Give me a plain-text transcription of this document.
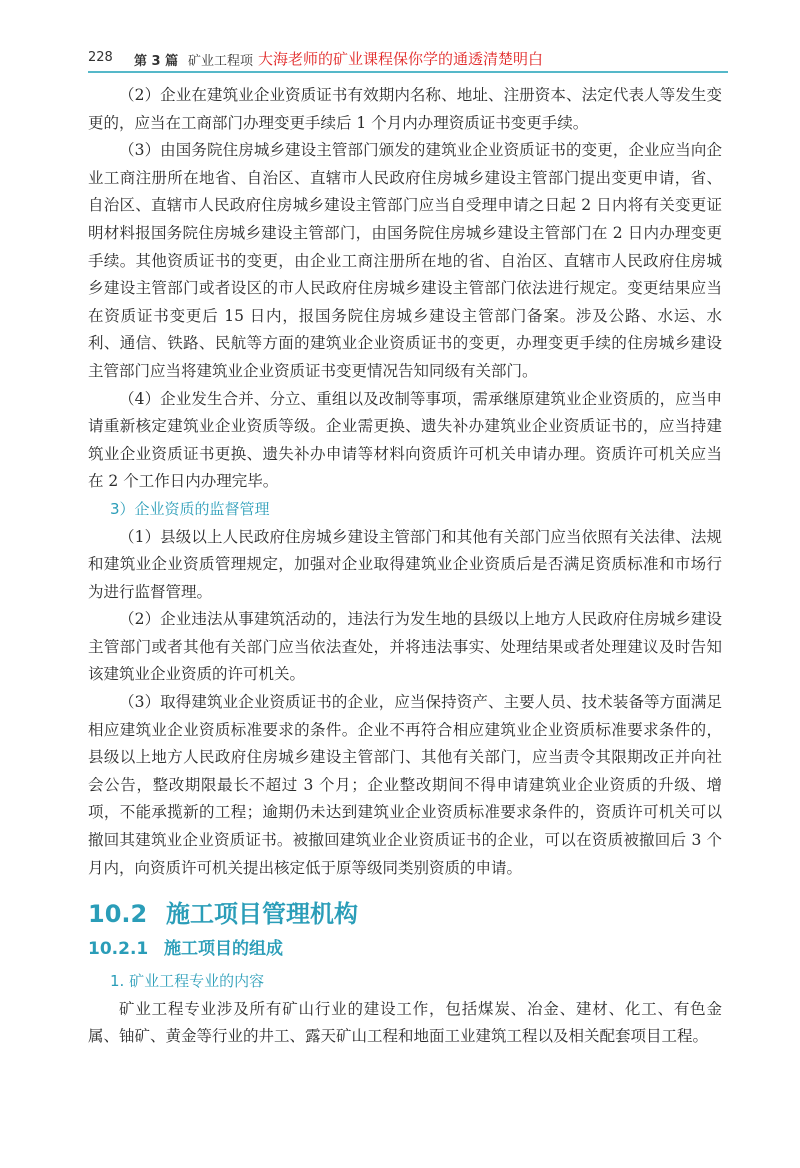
228 第 3 篇 矿业工程项 大海老师的矿业课程保你学的通透清楚明白

（2）企业在建筑业企业资质证书有效期内名称、地址、注册资本、法定代表人等发生变更的，应当在工商部门办理变更手续后 1 个月内办理资质证书变更手续。

（3）由国务院住房城乡建设主管部门颁发的建筑业企业资质证书的变更，企业应当向企业工商注册所在地省、自治区、直辖市人民政府住房城乡建设主管部门提出变更申请，省、自治区、直辖市人民政府住房城乡建设主管部门应当自受理申请之日起 2 日内将有关变更证明材料报国务院住房城乡建设主管部门，由国务院住房城乡建设主管部门在 2 日内办理变更手续。其他资质证书的变更，由企业工商注册所在地的省、自治区、直辖市人民政府住房城乡建设主管部门或者设区的市人民政府住房城乡建设主管部门依法进行规定。变更结果应当在资质证书变更后 15 日内，报国务院住房城乡建设主管部门备案。涉及公路、水运、水利、通信、铁路、民航等方面的建筑业企业资质证书的变更，办理变更手续的住房城乡建设主管部门应当将建筑业企业资质证书变更情况告知同级有关部门。

（4）企业发生合并、分立、重组以及改制等事项，需承继原建筑业企业资质的，应当申请重新核定建筑业企业资质等级。企业需更换、遗失补办建筑业企业资质证书的，应当持建筑业企业资质证书更换、遗失补办申请等材料向资质许可机关申请办理。资质许可机关应当在 2 个工作日内办理完毕。

3）企业资质的监督管理

（1）县级以上人民政府住房城乡建设主管部门和其他有关部门应当依照有关法律、法规和建筑业企业资质管理规定，加强对企业取得建筑业企业资质后是否满足资质标准和市场行为进行监督管理。

（2）企业违法从事建筑活动的，违法行为发生地的县级以上地方人民政府住房城乡建设主管部门或者其他有关部门应当依法查处，并将违法事实、处理结果或者处理建议及时告知该建筑业企业资质的许可机关。

（3）取得建筑业企业资质证书的企业，应当保持资产、主要人员、技术装备等方面满足相应建筑业企业资质标准要求的条件。企业不再符合相应建筑业企业资质标准要求条件的，县级以上地方人民政府住房城乡建设主管部门、其他有关部门，应当责令其限期改正并向社会公告，整改期限最长不超过 3 个月；企业整改期间不得申请建筑业企业资质的升级、增项，不能承揽新的工程；逾期仍未达到建筑业企业资质标准要求条件的，资质许可机关可以撤回其建筑业企业资质证书。被撤回建筑业企业资质证书的企业，可以在资质被撤回后 3 个月内，向资质许可机关提出核定低于原等级同类别资质的申请。

10.2 施工项目管理机构
10.2.1 施工项目的组成
1. 矿业工程专业的内容

矿业工程专业涉及所有矿山行业的建设工作，包括煤炭、冶金、建材、化工、有色金属、铀矿、黄金等行业的井工、露天矿山工程和地面工业建筑工程以及相关配套项目工程。
